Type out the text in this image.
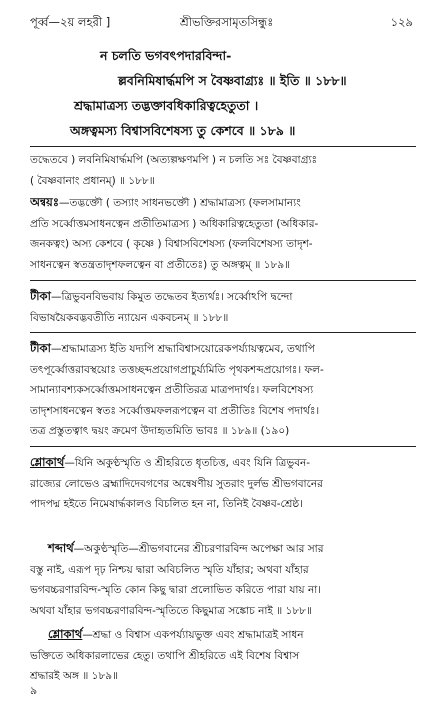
পূর্ব্ব—২য় লহরী ]	শ্রীভক্তিরসামৃতসিন্ধুঃ	১২৯
ন চলতি ভগবৎপদারবিন্দা-
ল্লবনিমিষার্দ্ধমপি স বৈষ্ণবাগ্র্যঃ ॥ ইতি ॥ ১৮৮॥
শ্রদ্ধামাত্রস্য তদ্ভক্তাবধিকারিত্বহেতুতা ।
অঙ্গত্বমস্য বিশ্বাসবিশেষস্য তু কেশবে ॥ ১৮৯ ॥

তদ্ধেতবে ) লবনিমিষার্দ্ধমপি (অত্যল্পক্ষণমপি ) ন চলতি সঃ বৈষ্ণবাগ্র্যঃ

( বৈষ্ণবানাং প্রধানম্) ॥ ১৮৮॥

অন্বয়ঃ—তদ্ভক্তৌ ( তস্যাং সাধনভক্তৌ ) শ্রদ্ধামাত্রস্য (ফলসামান্যং

প্রতি সর্ব্বোত্তমসাধনত্বেন প্রতীতিমাত্রস্য ) অধিকারিত্বহেতুতা (অধিকার-

জনকত্বং) অস্য কেশবে ( কৃষ্ণে ) বিশ্বাসবিশেষস্য (ফলবিশেষস্য তাদৃশ-

সাধনত্বেন স্বতন্ত্রতাদৃশফলত্বেন বা প্রতীতেঃ) তু অঙ্গত্বম্ ॥ ১৮৯॥

টীকা—ত্রিভুবনবিভবায় কিমুত তদ্ধেতব ইত্যর্থঃ। সর্ব্বোঽপি দ্বন্দো

বিভাষয়ৈকবদ্ভবতীতি ন্যায়েন একবচনম্ ॥ ১৮৮॥

টীকা—শ্রদ্ধামাত্রস্য ইতি যদ্যপি শ্রদ্ধাবিশ্বাসয়োরেকপর্য্যায়ত্বমেব, তথাপি

তৎপূর্ব্বোত্তরাবস্থয়োঃ তত্তচ্ছব্দপ্রয়োগপ্রাচুর্য্যমিতি পৃথকশব্দপ্রয়োগঃ। ফল-

সামান্যাবশ্যকসর্ব্বোত্তমসাধনত্বেন প্রতীতিরত্র মাত্রপদার্থঃ। ফলবিশেষস্য

তাদৃশসাধনত্বেন স্বতঃ সর্ব্বোত্তমফলরূপত্বেন বা প্রতীতিঃ বিশেষ পদার্থঃ।

তত্র প্রস্তুতত্বাৎ দ্বয়ং ক্রমেণ উদাহৃতমিতি ভাবঃ ॥ ১৮৯॥ (১৯০)

শ্লোকার্থ—যিনি অকুণ্ঠস্মৃতি ও শ্রীহরিতে ধৃতচিত্ত, এবং যিনি ত্রিভুবন-

রাজ্যের লোভেও ব্রহ্মাদিদেবগণের অন্বেষণীয় সুতরাং দুর্লভ শ্রীভগবানের

পাদপদ্ম হইতে নিমেষার্দ্ধকালও বিচলিত হন না, তিনিই বৈষ্ণব-শ্রেষ্ঠ।

শব্দার্থ—অকুণ্ঠস্মৃতি—শ্রীভগবানের শ্রীচরণারবিন্দ অপেক্ষা আর সার

বস্তু নাই, এরূপ দৃঢ় নিশ্চয় দ্বারা অবিচলিত স্মৃতি যাঁহার; অথবা যাঁহার

ভগবচ্চরণারবিন্দ-স্মৃতি কোন কিছু দ্বারা প্রলোভিত করিতে পারা যায় না।

অথবা যাঁহার ভগবচ্চরণারবিন্দ-স্মৃতিতে কিছুমাত্র সঙ্কোচ নাই ॥ ১৮৮॥

শ্লোকার্থ—শ্রদ্ধা ও বিশ্বাস একপর্য্যায়ভুক্ত এবং শ্রদ্ধামাত্রই সাধন

ভক্তিতে অধিকারলাভের হেতু। তথাপি শ্রীহরিতে এই বিশেষ বিশ্বাস

শ্রদ্ধারই অঙ্গ ॥ ১৮৯॥

৯
